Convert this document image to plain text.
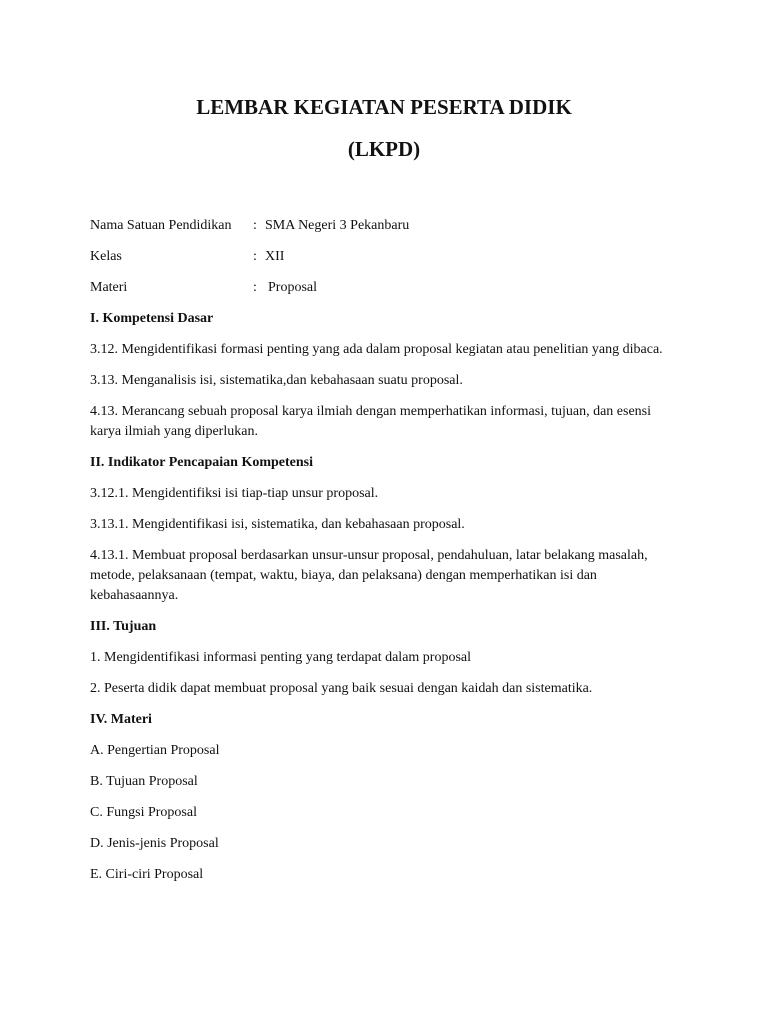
LEMBAR KEGIATAN PESERTA DIDIK
(LKPD)
Nama Satuan Pendidikan	: SMA Negeri 3 Pekanbaru
Kelas	: XII
Materi	: Proposal

I. Kompetensi Dasar

3.12. Mengidentifikasi formasi penting yang ada dalam proposal kegiatan atau penelitian yang dibaca.

3.13. Menganalisis isi, sistematika,dan kebahasaan suatu proposal.

4.13. Merancang sebuah proposal karya ilmiah dengan memperhatikan informasi, tujuan, dan esensi karya ilmiah yang diperlukan.

II. Indikator Pencapaian Kompetensi

3.12.1. Mengidentifiksi isi tiap-tiap unsur proposal.

3.13.1. Mengidentifikasi isi, sistematika, dan kebahasaan proposal.

4.13.1. Membuat proposal berdasarkan unsur-unsur proposal, pendahuluan, latar belakang masalah, metode, pelaksanaan (tempat, waktu, biaya, dan pelaksana) dengan memperhatikan isi dan kebahasaannya.

III. Tujuan

1. Mengidentifikasi informasi penting yang terdapat dalam proposal

2. Peserta didik dapat membuat proposal yang baik sesuai dengan kaidah dan sistematika.

IV. Materi

A. Pengertian Proposal

B. Tujuan Proposal

C. Fungsi Proposal

D. Jenis-jenis Proposal

E. Ciri-ciri Proposal
